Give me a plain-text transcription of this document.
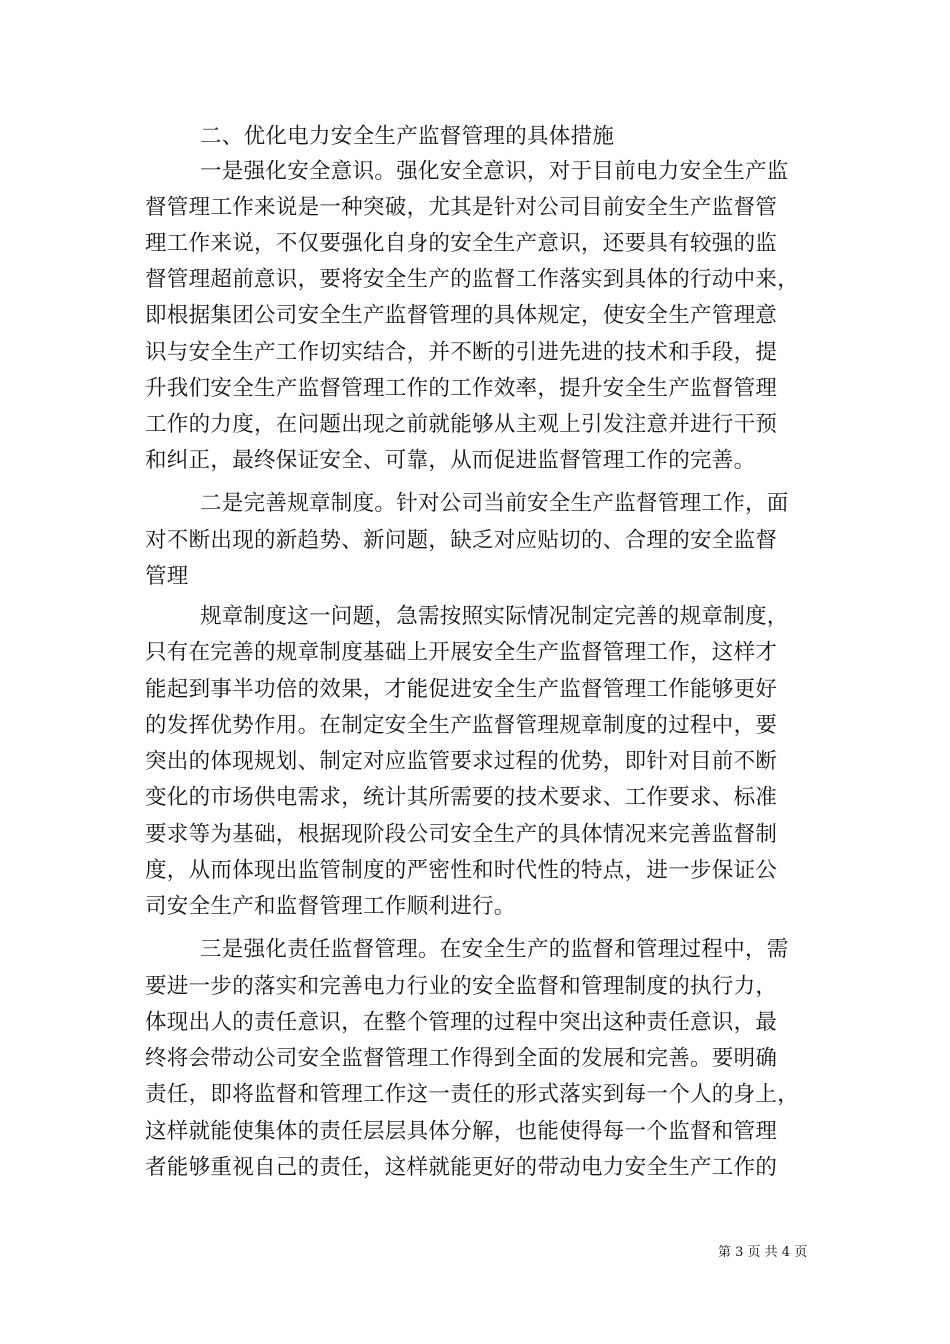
二、优化电力安全生产监督管理的具体措施
一是强化安全意识。强化安全意识，对于目前电力安全生产监
督管理工作来说是一种突破，尤其是针对公司目前安全生产监督管
理工作来说，不仅要强化自身的安全生产意识，还要具有较强的监
督管理超前意识，要将安全生产的监督工作落实到具体的行动中来，
即根据集团公司安全生产监督管理的具体规定，使安全生产管理意
识与安全生产工作切实结合，并不断的引进先进的技术和手段，提
升我们安全生产监督管理工作的工作效率，提升安全生产监督管理
工作的力度，在问题出现之前就能够从主观上引发注意并进行干预
和纠正，最终保证安全、可靠，从而促进监督管理工作的完善。
二是完善规章制度。针对公司当前安全生产监督管理工作，面
对不断出现的新趋势、新问题，缺乏对应贴切的、合理的安全监督
管理
规章制度这一问题，急需按照实际情况制定完善的规章制度，
只有在完善的规章制度基础上开展安全生产监督管理工作，这样才
能起到事半功倍的效果，才能促进安全生产监督管理工作能够更好
的发挥优势作用。在制定安全生产监督管理规章制度的过程中，要
突出的体现规划、制定对应监管要求过程的优势，即针对目前不断
变化的市场供电需求，统计其所需要的技术要求、工作要求、标准
要求等为基础，根据现阶段公司安全生产的具体情况来完善监督制
度，从而体现出监管制度的严密性和时代性的特点，进一步保证公
司安全生产和监督管理工作顺利进行。
三是强化责任监督管理。在安全生产的监督和管理过程中，需
要进一步的落实和完善电力行业的安全监督和管理制度的执行力，
体现出人的责任意识，在整个管理的过程中突出这种责任意识，最
终将会带动公司安全监督管理工作得到全面的发展和完善。要明确
责任，即将监督和管理工作这一责任的形式落实到每一个人的身上，
这样就能使集体的责任层层具体分解，也能使得每一个监督和管理
者能够重视自己的责任，这样就能更好的带动电力安全生产工作的
第 3 页 共 4 页
